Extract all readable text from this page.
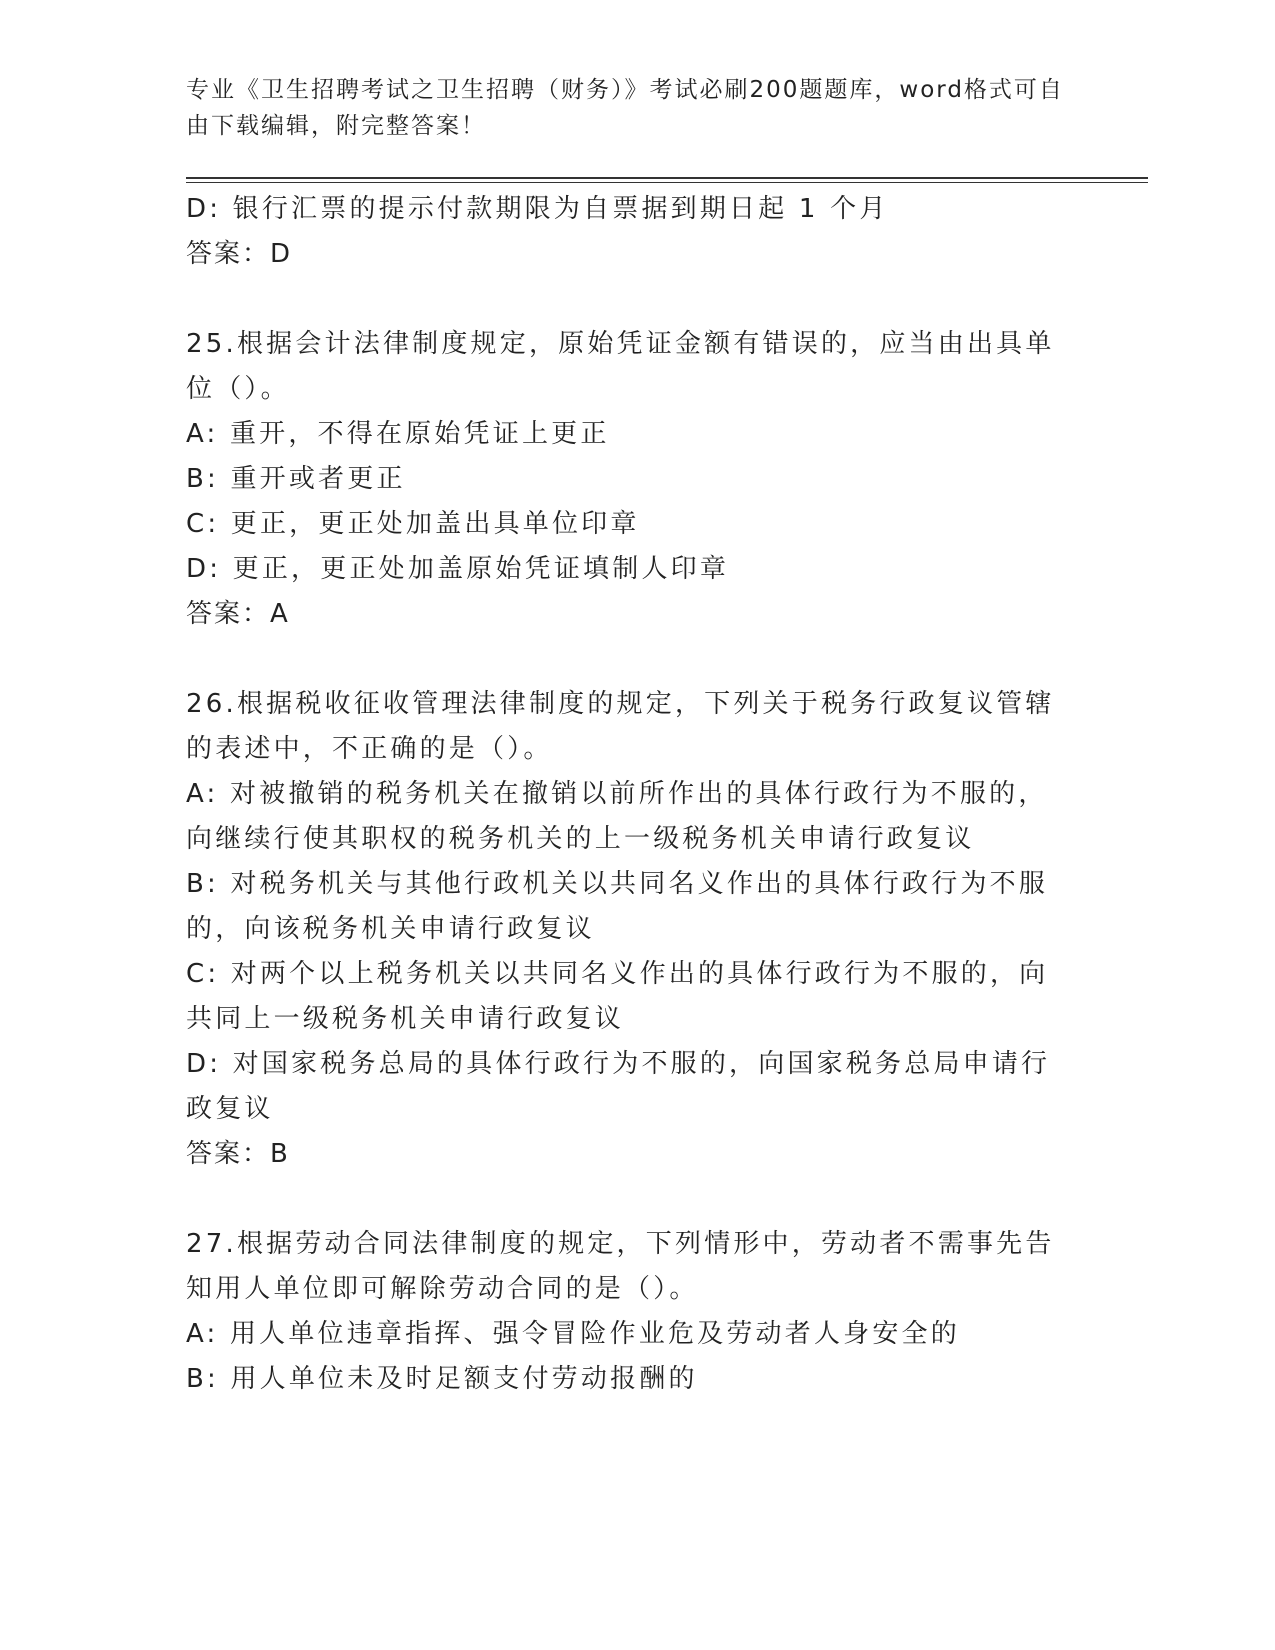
专业《卫生招聘考试之卫生招聘（财务）》考试必刷200题题库，word格式可自由下载编辑，附完整答案！

D: 银行汇票的提示付款期限为自票据到期日起 1 个月

答案：D

25.根据会计法律制度规定，原始凭证金额有错误的，应当由出具单位（）。

A: 重开，不得在原始凭证上更正

B: 重开或者更正

C: 更正，更正处加盖出具单位印章

D: 更正，更正处加盖原始凭证填制人印章

答案：A

26.根据税收征收管理法律制度的规定，下列关于税务行政复议管辖的表述中，不正确的是（）。

A: 对被撤销的税务机关在撤销以前所作出的具体行政行为不服的，向继续行使其职权的税务机关的上一级税务机关申请行政复议

B: 对税务机关与其他行政机关以共同名义作出的具体行政行为不服的，向该税务机关申请行政复议

C: 对两个以上税务机关以共同名义作出的具体行政行为不服的，向共同上一级税务机关申请行政复议

D: 对国家税务总局的具体行政行为不服的，向国家税务总局申请行政复议

答案：B

27.根据劳动合同法律制度的规定，下列情形中，劳动者不需事先告知用人单位即可解除劳动合同的是（）。

A: 用人单位违章指挥、强令冒险作业危及劳动者人身安全的

B: 用人单位未及时足额支付劳动报酬的
